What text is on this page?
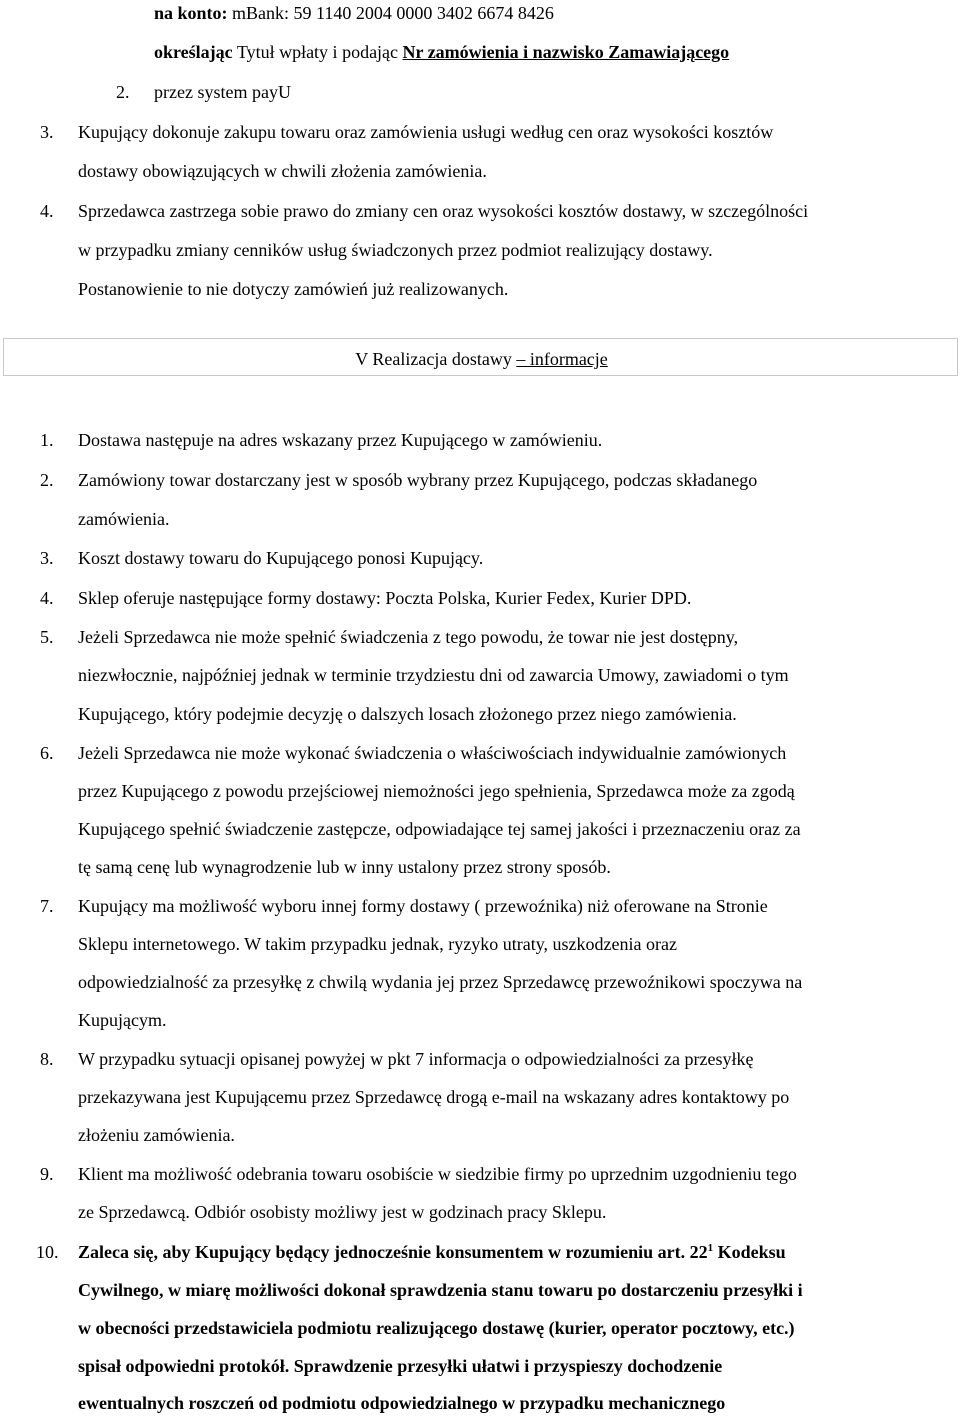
na konto: mBank: 59 1140 2004 0000 3402 6674 8426
określając Tytuł wpłaty i podając Nr zamówienia i nazwisko Zamawiającego
2. przez system payU
3. Kupujący dokonuje zakupu towaru oraz zamówienia usługi według cen oraz wysokości kosztów
dostawy obowiązujących w chwili złożenia zamówienia.
4. Sprzedawca zastrzega sobie prawo do zmiany cen oraz wysokości kosztów dostawy, w szczególności
w przypadku zmiany cenników usług świadczonych przez podmiot realizujący dostawy.
Postanowienie to nie dotyczy zamówień już realizowanych.
V Realizacja dostawy – informacje
1. Dostawa następuje na adres wskazany przez Kupującego w zamówieniu.
2. Zamówiony towar dostarczany jest w sposób wybrany przez Kupującego, podczas składanego
zamówienia.
3. Koszt dostawy towaru do Kupującego ponosi Kupujący.
4. Sklep oferuje następujące formy dostawy: Poczta Polska, Kurier Fedex, Kurier DPD.
5. Jeżeli Sprzedawca nie może spełnić świadczenia z tego powodu, że towar nie jest dostępny,
niezwłocznie, najpóźniej jednak w terminie trzydziestu dni od zawarcia Umowy, zawiadomi o tym
Kupującego, który podejmie decyzję o dalszych losach złożonego przez niego zamówienia.
6. Jeżeli Sprzedawca nie może wykonać świadczenia o właściwościach indywidualnie zamówionych
przez Kupującego z powodu przejściowej niemożności jego spełnienia, Sprzedawca może za zgodą
Kupującego spełnić świadczenie zastępcze, odpowiadające tej samej jakości i przeznaczeniu oraz za
tę samą cenę lub wynagrodzenie lub w inny ustalony przez strony sposób.
7. Kupujący ma możliwość wyboru innej formy dostawy ( przewoźnika) niż oferowane na Stronie
Sklepu internetowego. W takim przypadku jednak, ryzyko utraty, uszkodzenia oraz
odpowiedzialność za przesyłkę z chwilą wydania jej przez Sprzedawcę przewoźnikowi spoczywa na
Kupującym.
8. W przypadku sytuacji opisanej powyżej w pkt 7 informacja o odpowiedzialności za przesyłkę
przekazywana jest Kupującemu przez Sprzedawcę drogą e-mail na wskazany adres kontaktowy po
złożeniu zamówienia.
9. Klient ma możliwość odebrania towaru osobiście w siedzibie firmy po uprzednim uzgodnieniu tego
ze Sprzedawcą. Odbiór osobisty możliwy jest w godzinach pracy Sklepu.
10. Zaleca się, aby Kupujący będący jednocześnie konsumentem w rozumieniu art. $22^1$ Kodeksu
Cywilnego, w miarę możliwości dokonał sprawdzenia stanu towaru po dostarczeniu przesyłki i
w obecności przedstawiciela podmiotu realizującego dostawę (kurier, operator pocztowy, etc.)
spisał odpowiedni protokół. Sprawdzenie przesyłki ułatwi i przyspieszy dochodzenie
ewentualnych roszczeń od podmiotu odpowiedzialnego w przypadku mechanicznego
